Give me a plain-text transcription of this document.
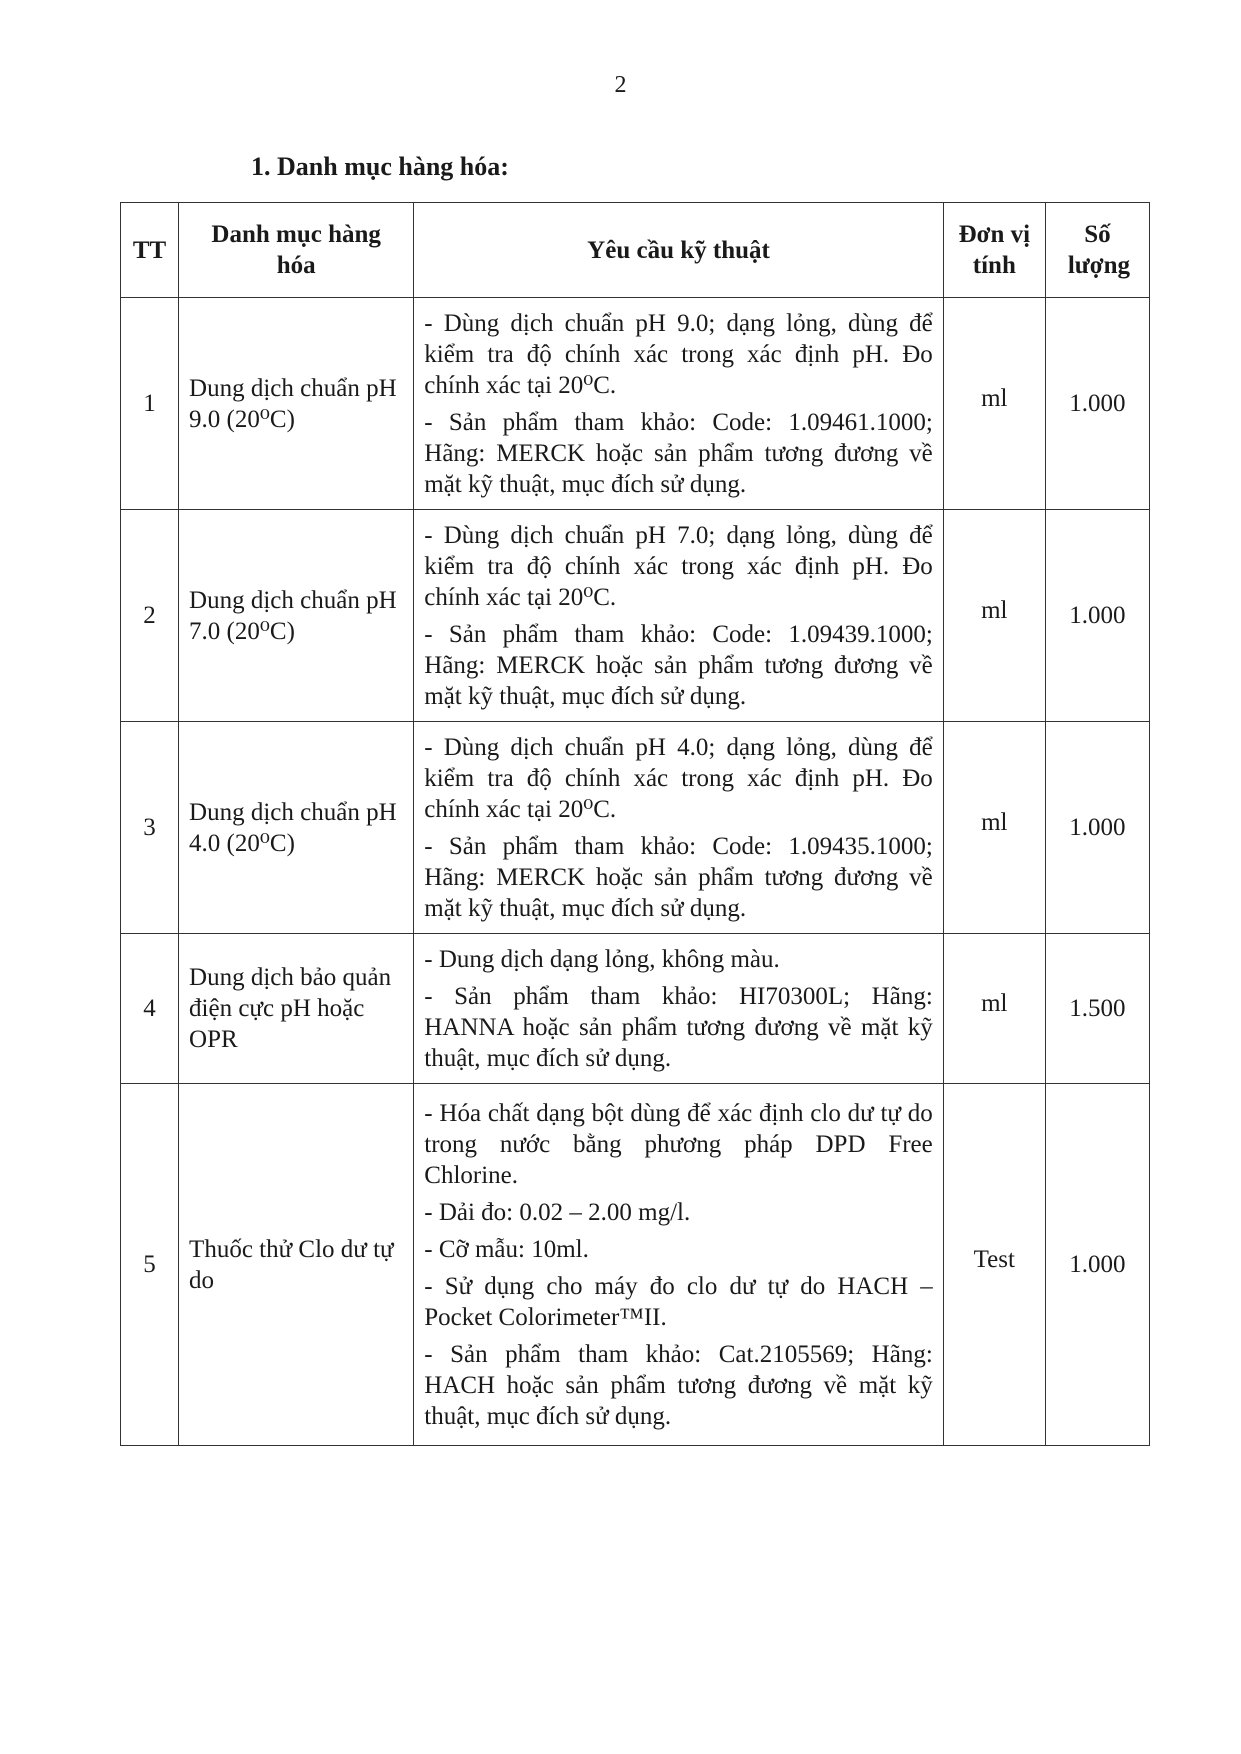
2
1. Danh mục hàng hóa:
TT	Danh mục hàng hóa	Yêu cầu kỹ thuật	Đơn vị tính	Số lượng
1	Dung dịch chuẩn pH 9.0 (20⁰C)	- Dùng dịch chuẩn pH 9.0; dạng lỏng, dùng để kiểm tra độ chính xác trong xác định pH. Đo chính xác tại 20⁰C.

- Sản phẩm tham khảo: Code: 1.09461.1000; Hãng: MERCK hoặc sản phẩm tương đương về mặt kỹ thuật, mục đích sử dụng.	ml	1.000
2	Dung dịch chuẩn pH 7.0 (20⁰C)	- Dùng dịch chuẩn pH 7.0; dạng lỏng, dùng để kiểm tra độ chính xác trong xác định pH. Đo chính xác tại 20⁰C.

- Sản phẩm tham khảo: Code: 1.09439.1000; Hãng: MERCK hoặc sản phẩm tương đương về mặt kỹ thuật, mục đích sử dụng.	ml	1.000
3	Dung dịch chuẩn pH 4.0 (20⁰C)	- Dùng dịch chuẩn pH 4.0; dạng lỏng, dùng để kiểm tra độ chính xác trong xác định pH. Đo chính xác tại 20⁰C.

- Sản phẩm tham khảo: Code: 1.09435.1000; Hãng: MERCK hoặc sản phẩm tương đương về mặt kỹ thuật, mục đích sử dụng.	ml	1.000
4	Dung dịch bảo quản điện cực pH hoặc OPR	- Dung dịch dạng lỏng, không màu.

- Sản phẩm tham khảo: HI70300L; Hãng: HANNA hoặc sản phẩm tương đương về mặt kỹ thuật, mục đích sử dụng.	ml	1.500
5	Thuốc thử Clo dư tự do	- Hóa chất dạng bột dùng để xác định clo dư tự do trong nước bằng phương pháp DPD Free Chlorine.

- Dải đo: 0.02 – 2.00 mg/l.

- Cỡ mẫu: 10ml.

- Sử dụng cho máy đo clo dư tự do HACH – Pocket Colorimeter™II.

- Sản phẩm tham khảo: Cat.2105569; Hãng: HACH hoặc sản phẩm tương đương về mặt kỹ thuật, mục đích sử dụng.	Test	1.000
